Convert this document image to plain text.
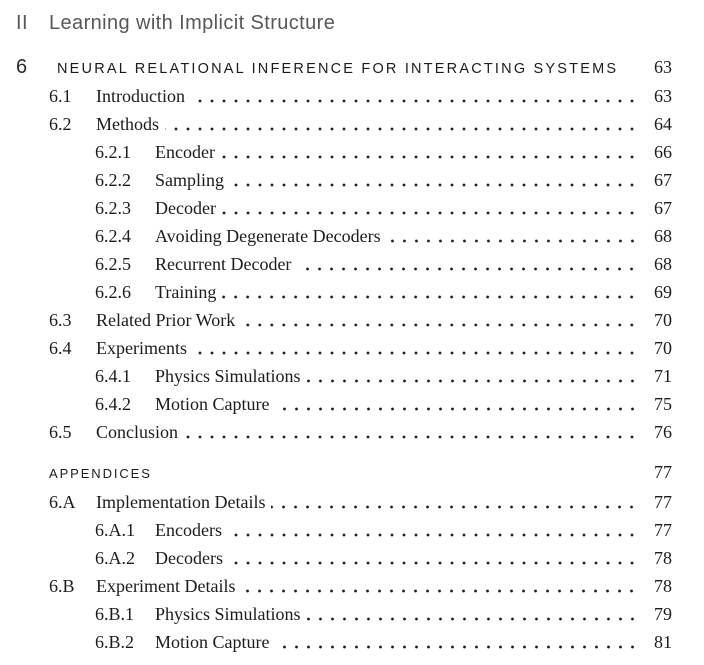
II	Learning with Implicit Structure
6	NEURAL RELATIONAL INFERENCE FOR INTERACTING SYSTEMS	63
6.1	Introduction	63
6.2	Methods	64
6.2.1	Encoder	66
6.2.2	Sampling	67
6.2.3	Decoder	67
6.2.4	Avoiding Degenerate Decoders	68
6.2.5	Recurrent Decoder	68
6.2.6	Training	69
6.3	Related Prior Work	70
6.4	Experiments	70
6.4.1	Physics Simulations	71
6.4.2	Motion Capture	75
6.5	Conclusion	76
APPENDICES	77
6.A	Implementation Details	77
6.A.1	Encoders	77
6.A.2	Decoders	78
6.B	Experiment Details	78
6.B.1	Physics Simulations	79
6.B.2	Motion Capture	81
